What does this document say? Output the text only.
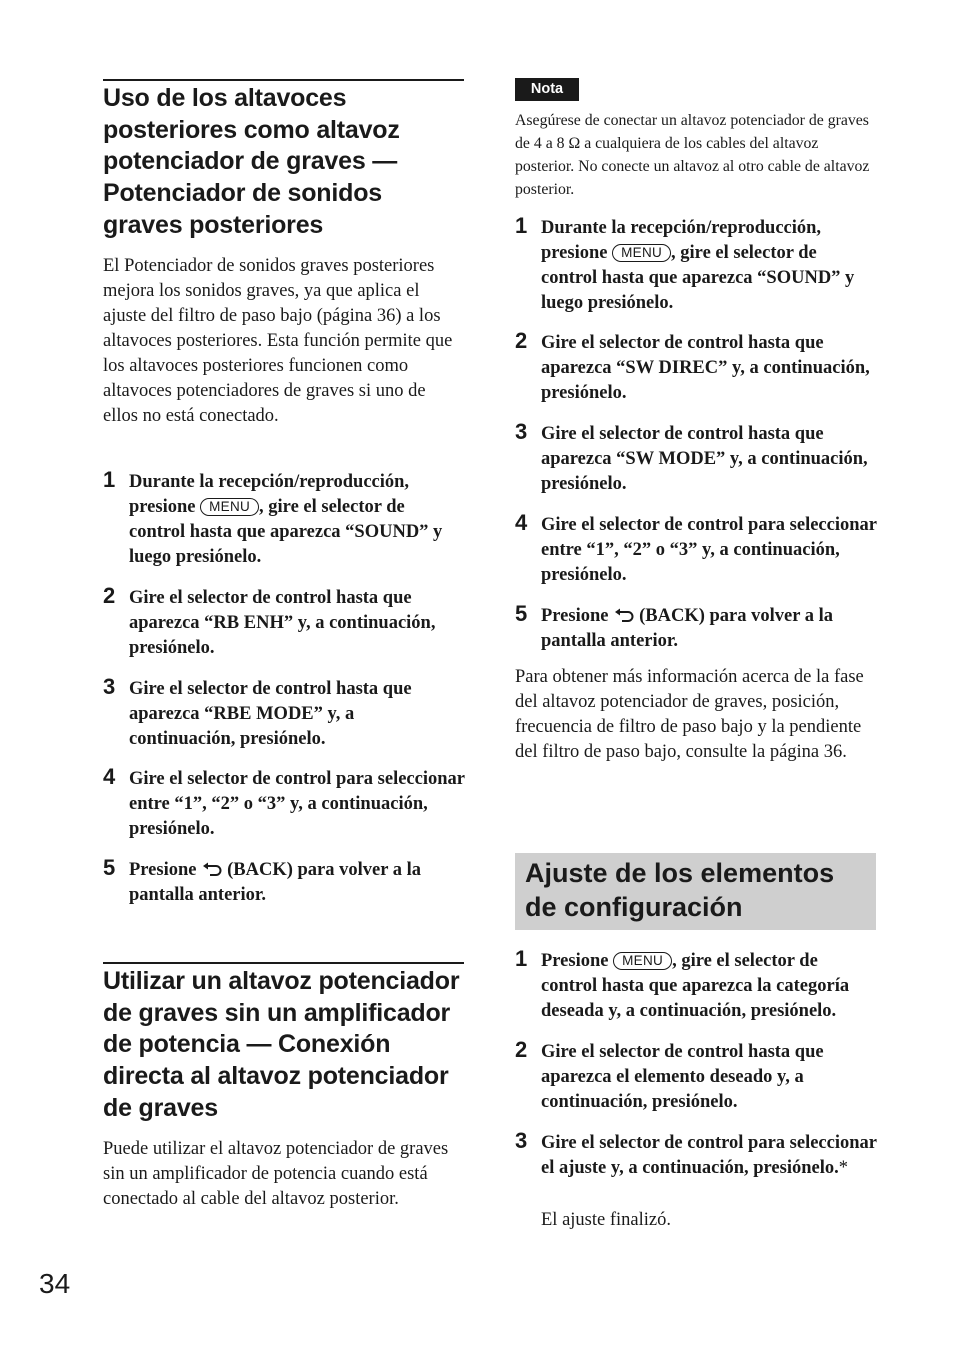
Uso de los altavoces posteriores como altavoz potenciador de graves — Potenciador de sonidos graves posteriores

El Potenciador de sonidos graves posteriores mejora los sonidos graves, ya que aplica el ajuste del filtro de paso bajo (página 36) a los altavoces posteriores. Esta función permite que los altavoces posteriores funcionen como altavoces potenciadores de graves si uno de ellos no está conectado.

1 Durante la recepción/reproducción, presione MENU , gire el selector de control hasta que aparezca “SOUND” y luego presiónelo.

2 Gire el selector de control hasta que aparezca “RB ENH” y, a continuación, presiónelo.

3 Gire el selector de control hasta que aparezca “RBE MODE” y, a continuación, presiónelo.

4 Gire el selector de control para seleccionar entre “1”, “2” o “3” y, a continuación, presiónelo.

5 Presione (BACK) para volver a la pantalla anterior.

Utilizar un altavoz potenciador de graves sin un amplificador de potencia — Conexión directa al altavoz potenciador de graves

Puede utilizar el altavoz potenciador de graves sin un amplificador de potencia cuando está conectado al cable del altavoz posterior.

Nota

Asegúrese de conectar un altavoz potenciador de graves de 4 a 8 Ω a cualquiera de los cables del altavoz posterior. No conecte un altavoz al otro cable de altavoz posterior.

1 Durante la recepción/reproducción, presione MENU , gire el selector de control hasta que aparezca “SOUND” y luego presiónelo.

2 Gire el selector de control hasta que aparezca “SW DIREC” y, a continuación, presiónelo.

3 Gire el selector de control hasta que aparezca “SW MODE” y, a continuación, presiónelo.

4 Gire el selector de control para seleccionar entre “1”, “2” o “3” y, a continuación, presiónelo.

5 Presione (BACK) para volver a la pantalla anterior.

Para obtener más información acerca de la fase del altavoz potenciador de graves, posición, frecuencia de filtro de paso bajo y la pendiente del filtro de paso bajo, consulte la página 36.

Ajuste de los elementos de configuración
1 Presione MENU , gire el selector de control hasta que aparezca la categoría deseada y, a continuación, presiónelo.

2 Gire el selector de control hasta que aparezca el elemento deseado y, a continuación, presiónelo.

3 Gire el selector de control para seleccionar el ajuste y, a continuación, presiónelo.*

El ajuste finalizó.

34
